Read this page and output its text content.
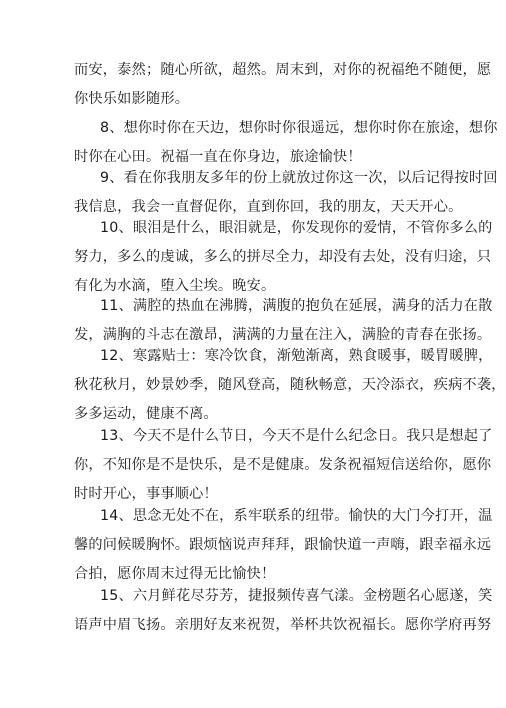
而安，泰然；随心所欲，超然。周末到，对你的祝福绝不随便，愿
你快乐如影随形。
8、想你时你在天边，想你时你很遥远，想你时你在旅途，想你
时你在心田。祝福一直在你身边，旅途愉快！
9、看在你我朋友多年的份上就放过你这一次，以后记得按时回
我信息，我会一直督促你，直到你回，我的朋友，天天开心。
10、眼泪是什么，眼泪就是，你发现你的爱情，不管你多么的
努力，多么的虔诚，多么的拼尽全力，却没有去处，没有归途，只
有化为水滴，堕入尘埃。晚安。
11、满腔的热血在沸腾，满腹的抱负在延展，满身的活力在散
发，满胸的斗志在激昂，满满的力量在注入，满脸的青春在张扬。
12、寒露贴士：寒冷饮食，渐勉渐离，熟食暖事，暖胃暖脾，
秋花秋月，妙景妙季，随风登高，随秋畅意，天冷添衣，疾病不袭，
多多运动，健康不离。
13、今天不是什么节日，今天不是什么纪念日。我只是想起了
你，不知你是不是快乐，是不是健康。发条祝福短信送给你，愿你
时时开心，事事顺心！
14、思念无处不在，系牢联系的纽带。愉快的大门今打开，温
馨的问候暖胸怀。跟烦恼说声拜拜，跟愉快道一声嗨，跟幸福永远
合拍，愿你周末过得无比愉快！
15、六月鲜花尽芬芳，捷报频传喜气漾。金榜题名心愿遂，笑
语声中眉飞扬。亲朋好友来祝贺，举杯共饮祝福长。愿你学府再努
